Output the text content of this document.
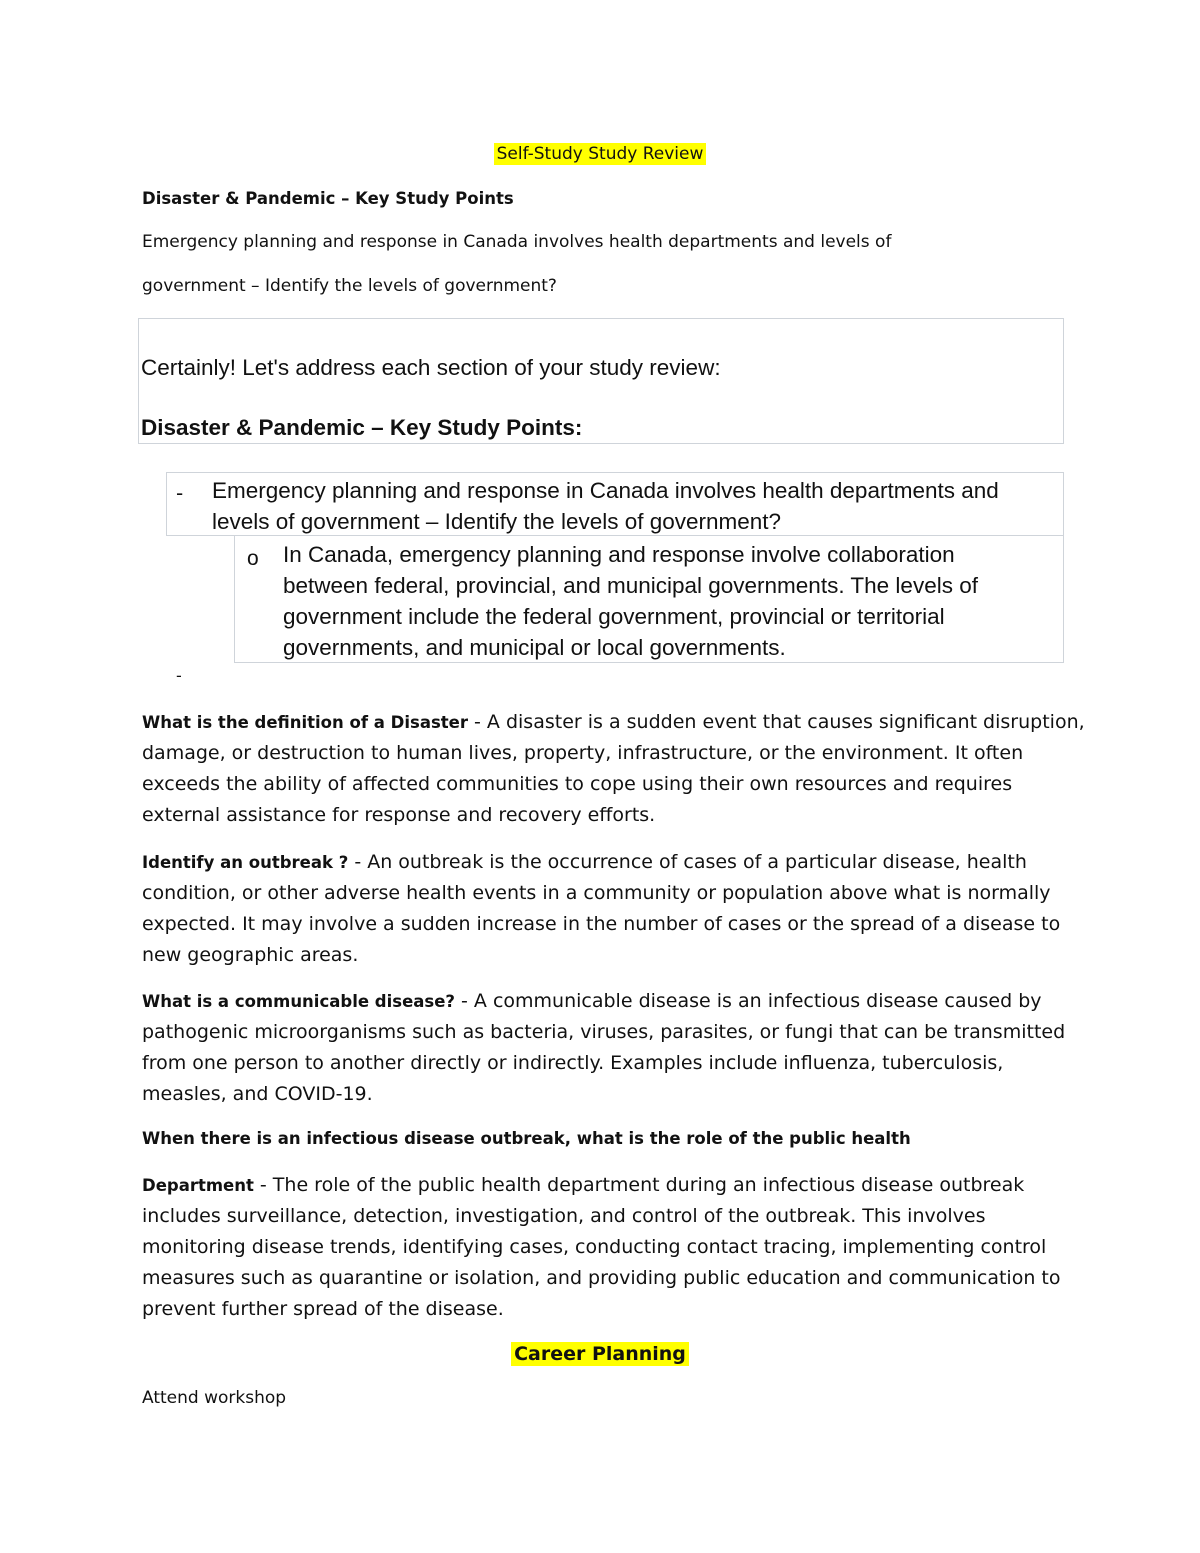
Self-Study Study Review
Disaster & Pandemic – Key Study Points
Emergency planning and response in Canada involves health departments and levels of
government – Identify the levels of government?
Certainly! Let's address each section of your study review:
Disaster & Pandemic – Key Study Points:
- Emergency planning and response in Canada involves health departments and
levels of government – Identify the levels of government?
o In Canada, emergency planning and response involve collaboration
between federal, provincial, and municipal governments. The levels of
government include the federal government, provincial or territorial
governments, and municipal or local governments.
-
What is the definition of a Disaster - A disaster is a sudden event that causes significant disruption,
damage, or destruction to human lives, property, infrastructure, or the environment. It often
exceeds the ability of affected communities to cope using their own resources and requires
external assistance for response and recovery efforts.
Identify an outbreak ? - An outbreak is the occurrence of cases of a particular disease, health
condition, or other adverse health events in a community or population above what is normally
expected. It may involve a sudden increase in the number of cases or the spread of a disease to
new geographic areas.
What is a communicable disease? - A communicable disease is an infectious disease caused by
pathogenic microorganisms such as bacteria, viruses, parasites, or fungi that can be transmitted
from one person to another directly or indirectly. Examples include influenza, tuberculosis,
measles, and COVID-19.
When there is an infectious disease outbreak, what is the role of the public health
Department - The role of the public health department during an infectious disease outbreak
includes surveillance, detection, investigation, and control of the outbreak. This involves
monitoring disease trends, identifying cases, conducting contact tracing, implementing control
measures such as quarantine or isolation, and providing public education and communication to
prevent further spread of the disease.
Career Planning
Attend workshop
